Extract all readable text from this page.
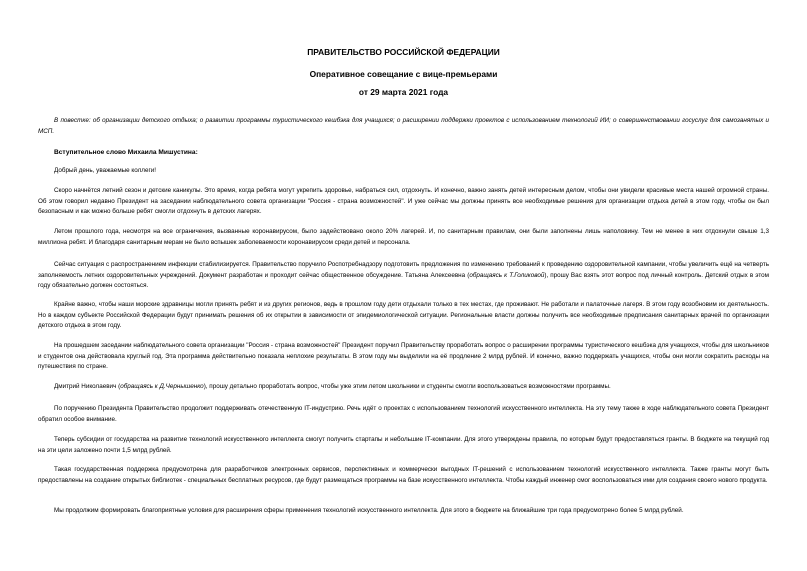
ПРАВИТЕЛЬСТВО РОССИЙСКОЙ ФЕДЕРАЦИИ
Оперативное совещание с вице-премьерами
от 29 марта 2021 года
В повестке: об организации детского отдыха; о развитии программы туристического кешбэка для учащихся; о расширении поддержки проектов с использованием технологий ИИ; о совершенствовании госуслуг для самозанятых и МСП.
Вступительное слово Михаила Мишустина:
Добрый день, уважаемые коллеги!
Скоро начнётся летний сезон и детские каникулы. Это время, когда ребята могут укрепить здоровье, набраться сил, отдохнуть. И конечно, важно занять детей интересным делом, чтобы они увидели красивые места нашей огромной страны. Об этом говорил недавно Президент на заседании наблюдательного совета организации "Россия - страна возможностей". И уже сейчас мы должны принять все необходимые решения для организации отдыха детей в этом году, чтобы он был безопасным и как можно больше ребят смогли отдохнуть в детских лагерях.
Летом прошлого года, несмотря на все ограничения, вызванные коронавирусом, было задействовано около 20% лагерей. И, по санитарным правилам, они были заполнены лишь наполовину. Тем не менее в них отдохнули свыше 1,3 миллиона ребят. И благодаря санитарным мерам не было вспышек заболеваемости коронавирусом среди детей и персонала.
Сейчас ситуация с распространением инфекции стабилизируется. Правительство поручило Роспотребнадзору подготовить предложения по изменению требований к проведению оздоровительной кампании, чтобы увеличить ещё на четверть заполняемость летних оздоровительных учреждений. Документ разработан и проходит сейчас общественное обсуждение. Татьяна Алексеевна (обращаясь к Т.Голиковой), прошу Вас взять этот вопрос под личный контроль. Детский отдых в этом году обязательно должен состояться.
Крайне важно, чтобы наши морские здравницы могли принять ребят и из других регионов, ведь в прошлом году дети отдыхали только в тех местах, где проживают. Не работали и палаточные лагеря. В этом году возобновим их деятельность. Но в каждом субъекте Российской Федерации будут принимать решения об их открытии в зависимости от эпидемиологической ситуации. Региональные власти должны получить все необходимые предписания санитарных врачей по организации детского отдыха в этом году.
На прошедшем заседании наблюдательного совета организации "Россия - страна возможностей" Президент поручил Правительству проработать вопрос о расширении программы туристического кешбэка для учащихся, чтобы для школьников и студентов она действовала круглый год. Эта программа действительно показала неплохие результаты. В этом году мы выделили на её продление 2 млрд рублей. И конечно, важно поддержать учащихся, чтобы они могли сократить расходы на путешествия по стране.
Дмитрий Николаевич (обращаясь к Д.Чернышенко), прошу детально проработать вопрос, чтобы уже этим летом школьники и студенты смогли воспользоваться возможностями программы.
По поручению Президента Правительство продолжит поддерживать отечественную IT-индустрию. Речь идёт о проектах с использованием технологий искусственного интеллекта. На эту тему также в ходе наблюдательного совета Президент обратил особое внимание.
Теперь субсидии от государства на развитие технологий искусственного интеллекта смогут получить стартапы и небольшие IT-компании. Для этого утверждены правила, по которым будут предоставляться гранты. В бюджете на текущий год на эти цели заложено почти 1,5 млрд рублей.
Такая государственная поддержка предусмотрена для разработчиков электронных сервисов, перспективных и коммерчески выгодных IT-решений с использованием технологий искусственного интеллекта. Также гранты могут быть предоставлены на создание открытых библиотек - специальных бесплатных ресурсов, где будут размещаться программы на базе искусственного интеллекта. Чтобы каждый инженер смог воспользоваться ими для создания своего нового продукта.
Мы продолжим формировать благоприятные условия для расширения сферы применения технологий искусственного интеллекта. Для этого в бюджете на ближайшие три года предусмотрено более 5 млрд рублей.
